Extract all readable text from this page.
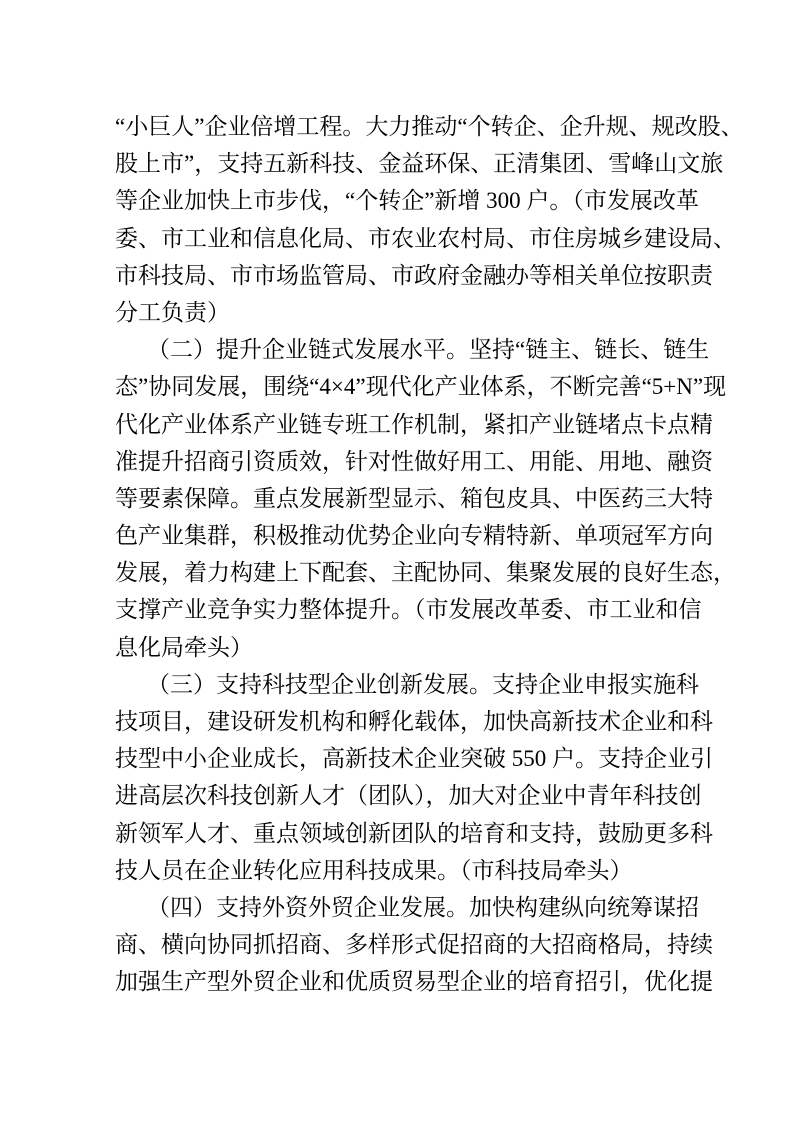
“小巨人”企业倍增工程。大力推动“个转企、企升规、规改股、
股上市”，支持五新科技、金益环保、正清集团、雪峰山文旅
等企业加快上市步伐，“个转企”新增 300 户。（市发展改革
委、市工业和信息化局、市农业农村局、市住房城乡建设局、
市科技局、市市场监管局、市政府金融办等相关单位按职责
分工负责）
（二）提升企业链式发展水平。坚持“链主、链长、链生
态”协同发展，围绕“4×4”现代化产业体系，不断完善“5+N”现
代化产业体系产业链专班工作机制，紧扣产业链堵点卡点精
准提升招商引资质效，针对性做好用工、用能、用地、融资
等要素保障。重点发展新型显示、箱包皮具、中医药三大特
色产业集群，积极推动优势企业向专精特新、单项冠军方向
发展，着力构建上下配套、主配协同、集聚发展的良好生态，
支撑产业竞争实力整体提升。（市发展改革委、市工业和信
息化局牵头）
（三）支持科技型企业创新发展。支持企业申报实施科
技项目，建设研发机构和孵化载体，加快高新技术企业和科
技型中小企业成长，高新技术企业突破 550 户。支持企业引
进高层次科技创新人才（团队），加大对企业中青年科技创
新领军人才、重点领域创新团队的培育和支持，鼓励更多科
技人员在企业转化应用科技成果。（市科技局牵头）
（四）支持外资外贸企业发展。加快构建纵向统筹谋招
商、横向协同抓招商、多样形式促招商的大招商格局，持续
加强生产型外贸企业和优质贸易型企业的培育招引，优化提
